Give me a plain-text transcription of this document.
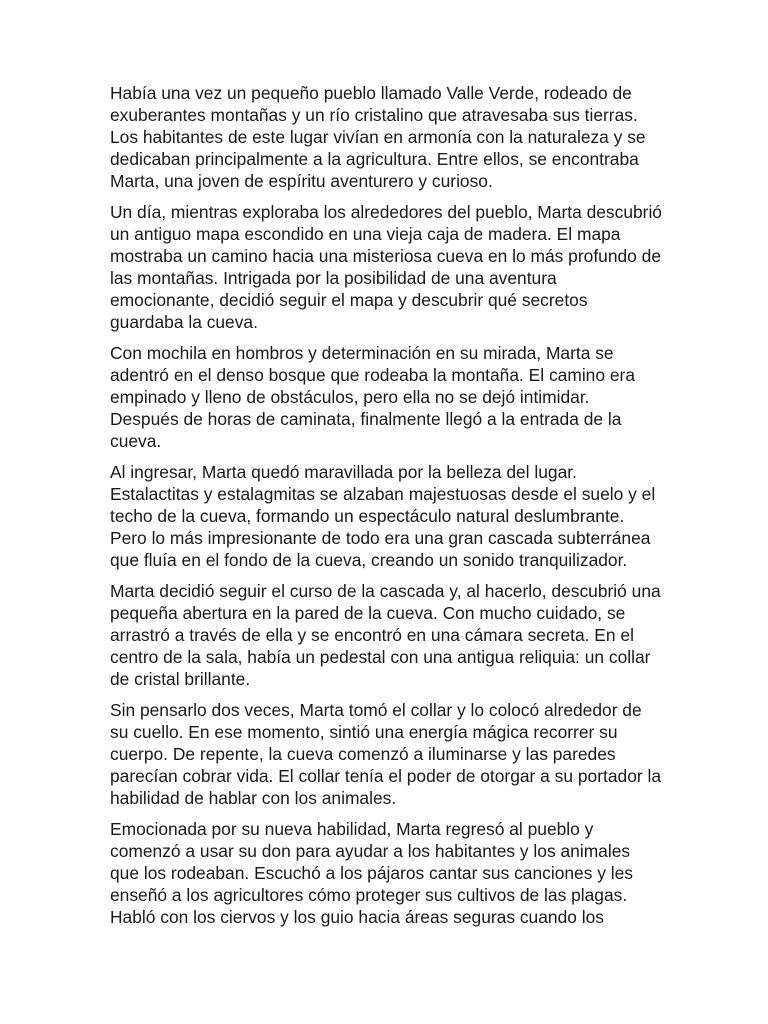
Había una vez un pequeño pueblo llamado Valle Verde, rodeado de exuberantes montañas y un río cristalino que atravesaba sus tierras. Los habitantes de este lugar vivían en armonía con la naturaleza y se dedicaban principalmente a la agricultura. Entre ellos, se encontraba Marta, una joven de espíritu aventurero y curioso.

Un día, mientras exploraba los alrededores del pueblo, Marta descubrió un antiguo mapa escondido en una vieja caja de madera. El mapa mostraba un camino hacia una misteriosa cueva en lo más profundo de las montañas. Intrigada por la posibilidad de una aventura emocionante, decidió seguir el mapa y descubrir qué secretos guardaba la cueva.

Con mochila en hombros y determinación en su mirada, Marta se adentró en el denso bosque que rodeaba la montaña. El camino era empinado y lleno de obstáculos, pero ella no se dejó intimidar. Después de horas de caminata, finalmente llegó a la entrada de la cueva.

Al ingresar, Marta quedó maravillada por la belleza del lugar. Estalactitas y estalagmitas se alzaban majestuosas desde el suelo y el techo de la cueva, formando un espectáculo natural deslumbrante. Pero lo más impresionante de todo era una gran cascada subterránea que fluía en el fondo de la cueva, creando un sonido tranquilizador.

Marta decidió seguir el curso de la cascada y, al hacerlo, descubrió una pequeña abertura en la pared de la cueva. Con mucho cuidado, se arrastró a través de ella y se encontró en una cámara secreta. En el centro de la sala, había un pedestal con una antigua reliquia: un collar de cristal brillante.

Sin pensarlo dos veces, Marta tomó el collar y lo colocó alrededor de su cuello. En ese momento, sintió una energía mágica recorrer su cuerpo. De repente, la cueva comenzó a iluminarse y las paredes parecían cobrar vida. El collar tenía el poder de otorgar a su portador la habilidad de hablar con los animales.

Emocionada por su nueva habilidad, Marta regresó al pueblo y comenzó a usar su don para ayudar a los habitantes y los animales que los rodeaban. Escuchó a los pájaros cantar sus canciones y les enseñó a los agricultores cómo proteger sus cultivos de las plagas. Habló con los ciervos y los guio hacia áreas seguras cuando los
